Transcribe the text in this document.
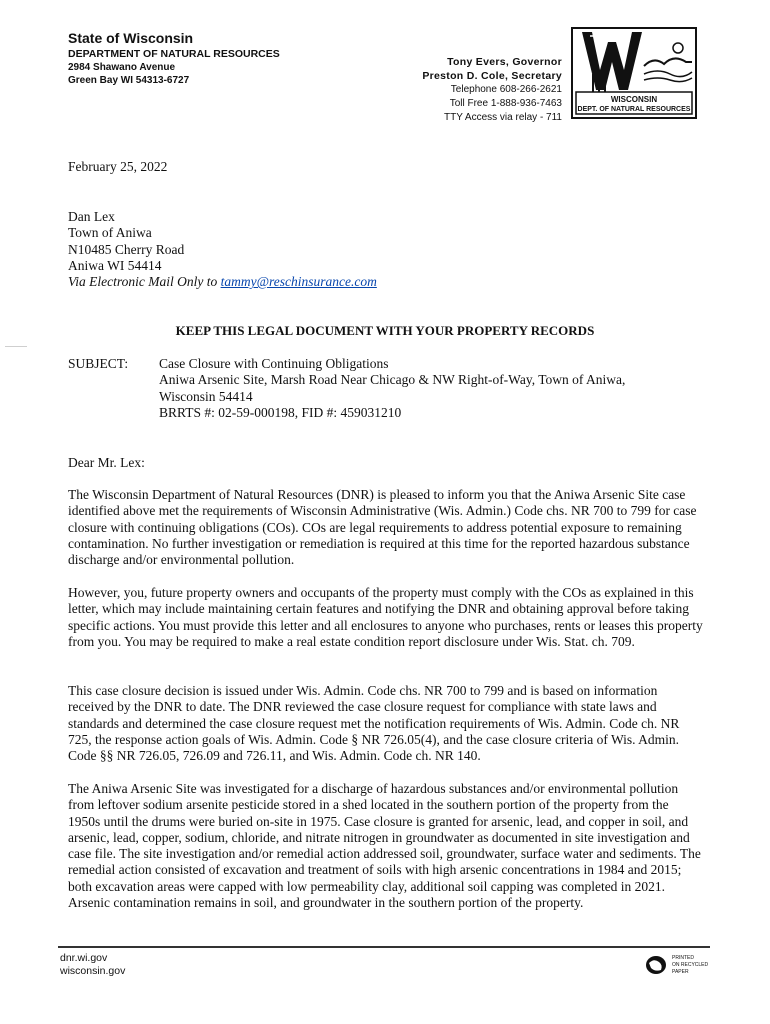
State of Wisconsin
DEPARTMENT OF NATURAL RESOURCES
2984 Shawano Avenue
Green Bay WI 54313-6727
Tony Evers, Governor
Preston D. Cole, Secretary
Telephone 608-266-2621
Toll Free 1-888-936-7463
TTY Access via relay - 711
WISCONSIN
DEPT. OF NATURAL RESOURCES
February 25, 2022
Dan Lex
Town of Aniwa
N10485 Cherry Road
Aniwa WI 54414
Via Electronic Mail Only to tammy@reschinsurance.com
KEEP THIS LEGAL DOCUMENT WITH YOUR PROPERTY RECORDS
SUBJECT: Case Closure with Continuing Obligations
Aniwa Arsenic Site, Marsh Road Near Chicago & NW Right-of-Way, Town of Aniwa,
Wisconsin 54414
BRRTS #: 02-59-000198, FID #: 459031210
Dear Mr. Lex:

The Wisconsin Department of Natural Resources (DNR) is pleased to inform you that the Aniwa Arsenic Site case identified above met the requirements of Wisconsin Administrative (Wis. Admin.) Code chs. NR 700 to 799 for case closure with continuing obligations (COs). COs are legal requirements to address potential exposure to remaining contamination. No further investigation or remediation is required at this time for the reported hazardous substance discharge and/or environmental pollution.

However, you, future property owners and occupants of the property must comply with the COs as explained in this letter, which may include maintaining certain features and notifying the DNR and obtaining approval before taking specific actions. You must provide this letter and all enclosures to anyone who purchases, rents or leases this property from you. You may be required to make a real estate condition report disclosure under Wis. Stat. ch. 709.

This case closure decision is issued under Wis. Admin. Code chs. NR 700 to 799 and is based on information received by the DNR to date. The DNR reviewed the case closure request for compliance with state laws and standards and determined the case closure request met the notification requirements of Wis. Admin. Code ch. NR 725, the response action goals of Wis. Admin. Code § NR 726.05(4), and the case closure criteria of Wis. Admin. Code §§ NR 726.05, 726.09 and 726.11, and Wis. Admin. Code ch. NR 140.

The Aniwa Arsenic Site was investigated for a discharge of hazardous substances and/or environmental pollution from leftover sodium arsenite pesticide stored in a shed located in the southern portion of the property from the 1950s until the drums were buried on-site in 1975. Case closure is granted for arsenic, lead, and copper in soil, and arsenic, lead, copper, sodium, chloride, and nitrate nitrogen in groundwater as documented in site investigation and case file. The site investigation and/or remedial action addressed soil, groundwater, surface water and sediments. The remedial action consisted of excavation and treatment of soils with high arsenic concentrations in 1984 and 2015; both excavation areas were capped with low permeability clay, additional soil capping was completed in 2021. Arsenic contamination remains in soil, and groundwater in the southern portion of the property.

dnr.wi.gov
wisconsin.gov
PRINTED
ON RECYCLED
PAPER
